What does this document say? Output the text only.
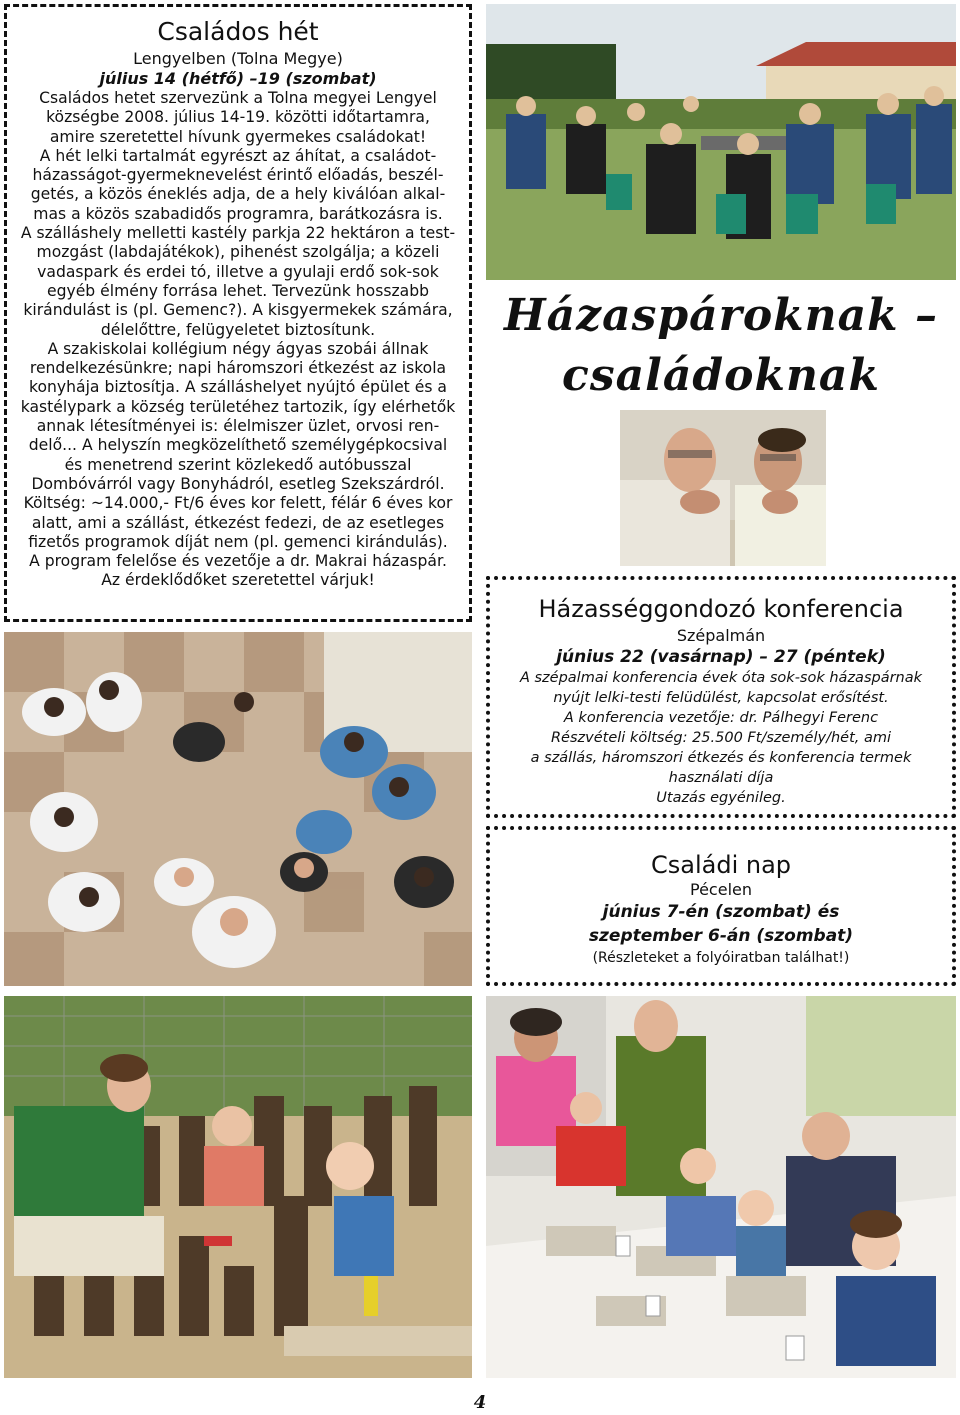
Családos hét
Lengyelben (Tolna Megye)
július 14 (hétfő) –19 (szombat)
Családos hetet szervezünk a Tolna megyei Lengyel
községbe 2008. július 14-19. közötti időtartamra,
amire szeretettel hívunk gyermekes családokat!
A hét lelki tartalmát egyrészt az áhítat, a családot-
házasságot-gyermeknevelést érintő előadás, beszél-
getés, a közös éneklés adja, de a hely kiválóan alkal-
mas a közös szabadidős programra, barátkozásra is.
A szálláshely melletti kastély parkja 22 hektáron a test-
mozgást (labdajátékok), pihenést szolgálja; a közeli
vadaspark és erdei tó, illetve a gyulaji erdő sok-sok
egyéb élmény forrása lehet. Tervezünk hosszabb
kirándulást is (pl. Gemenc?). A kisgyermekek számára,
délelőttre, felügyeletet biztosítunk.
A szakiskolai kollégium négy ágyas szobái állnak
rendelkezésünkre; napi háromszori étkezést az iskola
konyhája biztosítja. A szálláshelyet nyújtó épület és a
kastélypark a község területéhez tartozik, így elérhetők
annak létesítményei is: élelmiszer üzlet, orvosi ren-
delő... A helyszín megközelíthető személygépkocsival
és menetrend szerint közlekedő autóbusszal
Dombóvárról vagy Bonyhádról, esetleg Szekszárdról.
Költség: ~14.000,- Ft/6 éves kor felett, félár 6 éves kor
alatt, ami a szállást, étkezést fedezi, de az esetleges
fizetős programok díját nem (pl. gemenci kirándulás).
A program felelőse és vezetője a dr. Makrai házaspár.
Az érdeklődőket szeretettel várjuk!
Házaspároknak –
családoknak
Házasséggondozó konferencia
Szépalmán
június 22 (vasárnap) – 27 (péntek)
A szépalmai konferencia évek óta sok-sok házaspárnak
nyújt lelki-testi felüdülést, kapcsolat erősítést.
A konferencia vezetője: dr. Pálhegyi Ferenc
Részvételi költség: 25.500 Ft/személy/hét, ami
a szállás, háromszori étkezés és konferencia termek
használati díja
Utazás egyénileg.
Családi nap
Pécelen
június 7-én (szombat) és
szeptember 6-án (szombat)
(Részleteket a folyóiratban találhat!)
4
